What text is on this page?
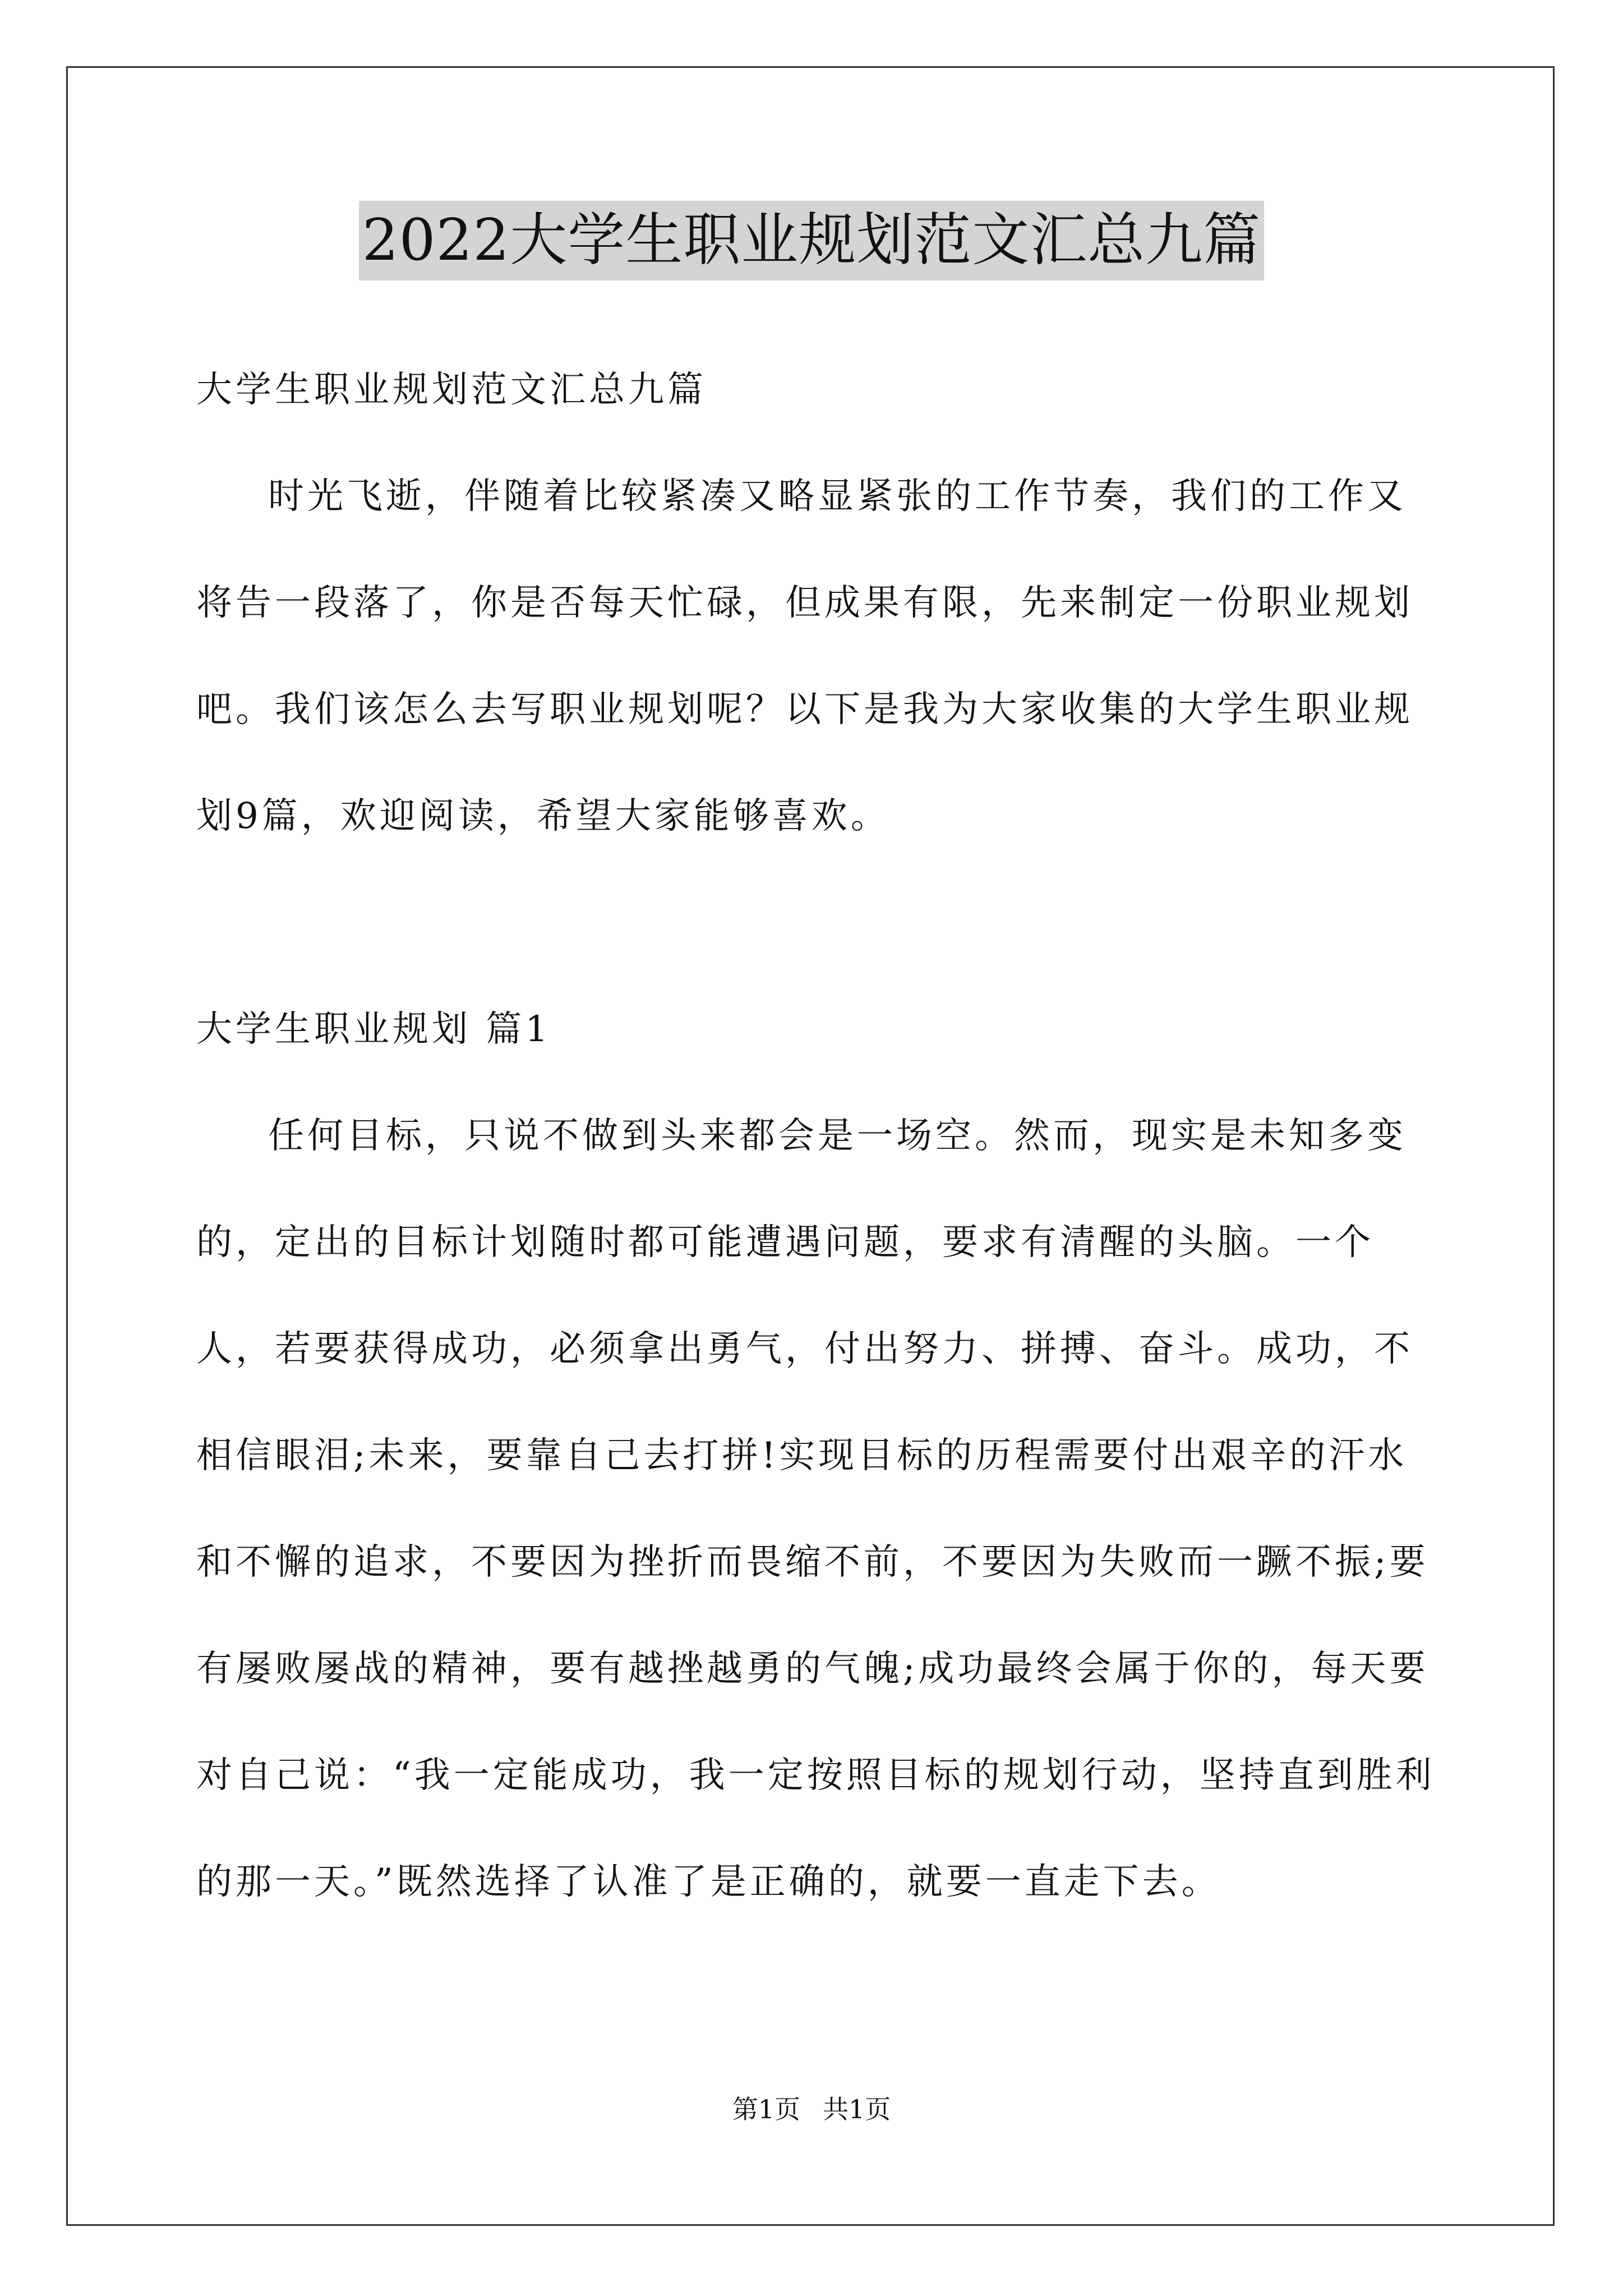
2022大学生职业规划范文汇总九篇

大学生职业规划范文汇总九篇

时光飞逝，伴随着比较紧凑又略显紧张的工作节奏，我们的工作又将告一段落了，你是否每天忙碌，但成果有限，先来制定一份职业规划吧。我们该怎么去写职业规划呢？以下是我为大家收集的大学生职业规划9篇，欢迎阅读，希望大家能够喜欢。

大学生职业规划 篇1

任何目标，只说不做到头来都会是一场空。然而，现实是未知多变的，定出的目标计划随时都可能遭遇问题，要求有清醒的头脑。一个人，若要获得成功，必须拿出勇气，付出努力、拼搏、奋斗。成功，不相信眼泪;未来，要靠自己去打拼!实现目标的历程需要付出艰辛的汗水和不懈的追求，不要因为挫折而畏缩不前，不要因为失败而一蹶不振;要有屡败屡战的精神，要有越挫越勇的气魄;成功最终会属于你的，每天要对自己说：“我一定能成功，我一定按照目标的规划行动，坚持直到胜利的那一天。”既然选择了认准了是正确的，就要一直走下去。

第1页 共1页
